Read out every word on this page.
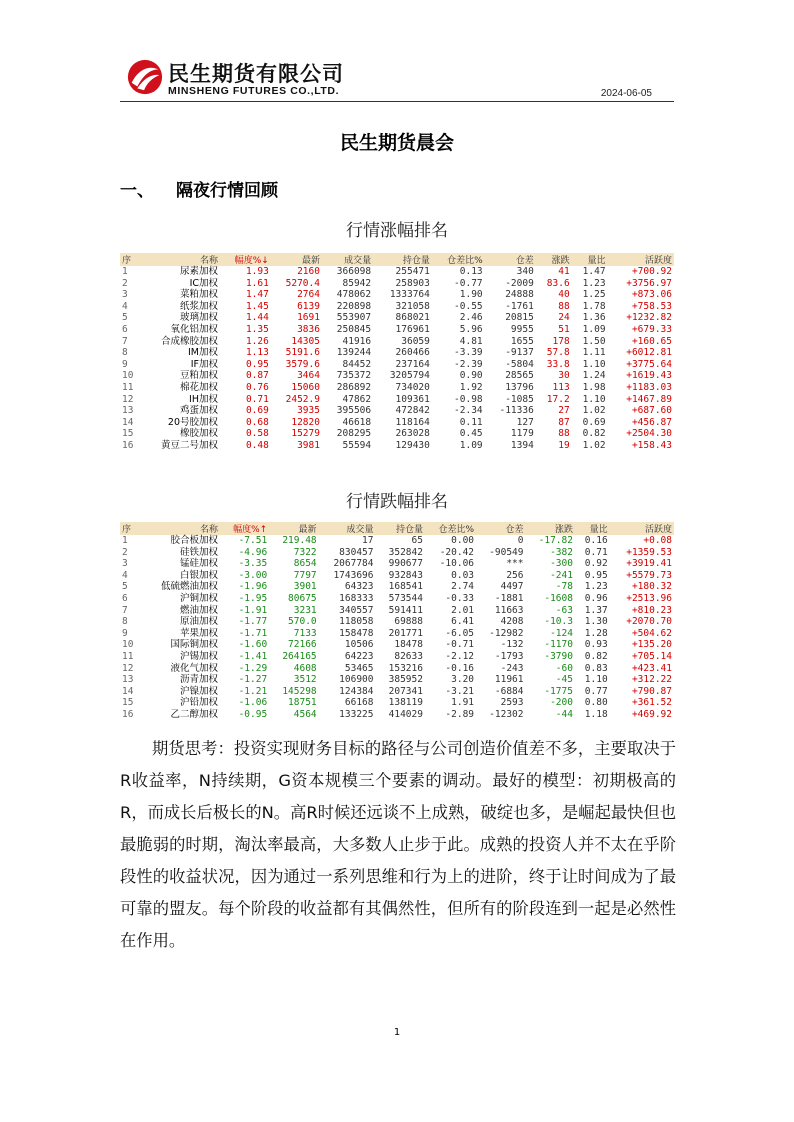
民生期货有限公司
MINSHENG FUTURES CO.,LTD.	2024-06-05
民生期货晨会
一、 隔夜行情回顾
行情涨幅排名
序	名称	幅度%↓	最新	成交量	持仓量	仓差比%	仓差	涨跌	量比	活跃度
1	尿素加权	1.93	2160	366098	255471	0.13	340	41	1.47	+700.92
2	IC加权	1.61	5270.4	85942	258903	-0.77	-2009	83.6	1.23	+3756.97
3	菜粕加权	1.47	2764	478062	1333764	1.90	24888	40	1.25	+873.06
4	纸浆加权	1.45	6139	220898	321058	-0.55	-1761	88	1.78	+758.53
5	玻璃加权	1.44	1691	553907	868021	2.46	20815	24	1.36	+1232.82
6	氧化铝加权	1.35	3836	250845	176961	5.96	9955	51	1.09	+679.33
7	合成橡胶加权	1.26	14305	41916	36059	4.81	1655	178	1.50	+160.65
8	IM加权	1.13	5191.6	139244	260466	-3.39	-9137	57.8	1.11	+6012.81
9	IF加权	0.95	3579.6	84452	237164	-2.39	-5804	33.8	1.10	+3775.64
10	豆粕加权	0.87	3464	735372	3205794	0.90	28565	30	1.24	+1619.43
11	棉花加权	0.76	15060	286892	734020	1.92	13796	113	1.98	+1183.03
12	IH加权	0.71	2452.9	47862	109361	-0.98	-1085	17.2	1.10	+1467.89
13	鸡蛋加权	0.69	3935	395506	472842	-2.34	-11336	27	1.02	+687.60
14	20号胶加权	0.68	12820	46618	118164	0.11	127	87	0.69	+456.87
15	橡胶加权	0.58	15279	208295	263028	0.45	1179	88	0.82	+2504.30
16	黄豆二号加权	0.48	3981	55594	129430	1.09	1394	19	1.02	+158.43
行情跌幅排名
序	名称	幅度%↑	最新	成交量	持仓量	仓差比%	仓差	涨跌	量比	活跃度
1	胶合板加权	-7.51	219.48	17	65	0.00	0	-17.82	0.16	+0.08
2	硅铁加权	-4.96	7322	830457	352842	-20.42	-90549	-382	0.71	+1359.53
3	锰硅加权	-3.35	8654	2067784	990677	-10.06	***	-300	0.92	+3919.41
4	白银加权	-3.00	7797	1743696	932843	0.03	256	-241	0.95	+5579.73
5	低硫燃油加权	-1.96	3901	64323	168541	2.74	4497	-78	1.23	+180.32
6	沪铜加权	-1.95	80675	168333	573544	-0.33	-1881	-1608	0.96	+2513.96
7	燃油加权	-1.91	3231	340557	591411	2.01	11663	-63	1.37	+810.23
8	原油加权	-1.77	570.0	118058	69888	6.41	4208	-10.3	1.30	+2070.70
9	苹果加权	-1.71	7133	158478	201771	-6.05	-12982	-124	1.28	+504.62
10	国际铜加权	-1.60	72166	10506	18478	-0.71	-132	-1170	0.93	+135.20
11	沪锡加权	-1.41	264165	64223	82633	-2.12	-1793	-3790	0.82	+705.14
12	液化气加权	-1.29	4608	53465	153216	-0.16	-243	-60	0.83	+423.41
13	沥青加权	-1.27	3512	106900	385952	3.20	11961	-45	1.10	+312.22
14	沪镍加权	-1.21	145298	124384	207341	-3.21	-6884	-1775	0.77	+790.87
15	沪铅加权	-1.06	18751	66168	138119	1.91	2593	-200	0.80	+361.52
16	乙二醇加权	-0.95	4564	133225	414029	-2.89	-12302	-44	1.18	+469.92
期货思考：投资实现财务目标的路径与公司创造价值差不多，主要取决于R收益率，N持续期，G资本规模三个要素的调动。最好的模型：初期极高的R，而成长后极长的N。高R时候还远谈不上成熟，破绽也多，是崛起最快但也最脆弱的时期，淘汰率最高，大多数人止步于此。成熟的投资人并不太在乎阶段性的收益状况，因为通过一系列思维和行为上的进阶，终于让时间成为了最可靠的盟友。每个阶段的收益都有其偶然性，但所有的阶段连到一起是必然性在作用。
1
